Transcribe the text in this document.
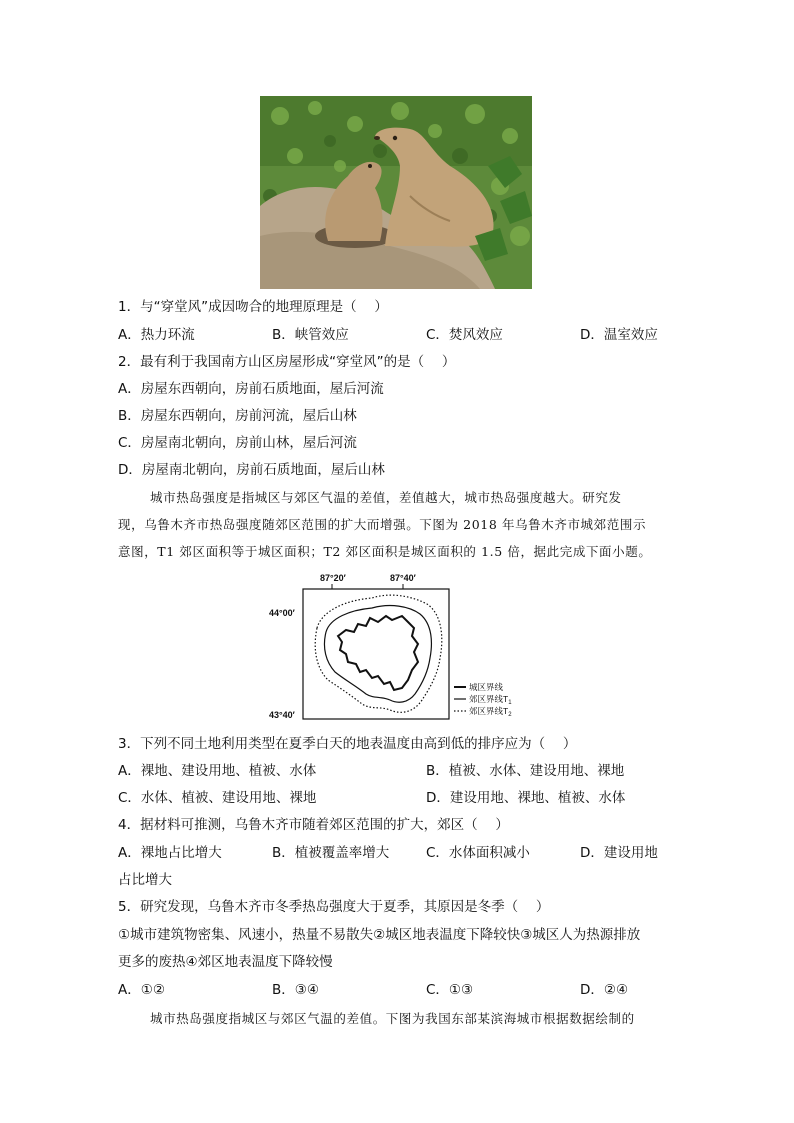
1．与“穿堂风”成因吻合的地理原理是（　 ）
A．热力环流	B．峡管效应	C．焚风效应	D．温室效应
2．最有利于我国南方山区房屋形成“穿堂风”的是（　 ）
A．房屋东西朝向，房前石质地面，屋后河流
B．房屋东西朝向，房前河流，屋后山林
C．房屋南北朝向，房前山林，屋后河流
D．房屋南北朝向，房前石质地面，屋后山林
城市热岛强度是指城区与郊区气温的差值，差值越大，城市热岛强度越大。研究发
现，乌鲁木齐市热岛强度随郊区范围的扩大而增强。下图为 2018 年乌鲁木齐市城郊范围示
意图，T1 郊区面积等于城区面积；T2 郊区面积是城区面积的 1.5 倍，据此完成下面小题。
87°20′	87°40′
44°00′
43°40′
城区界线
郊区界线$T_1$
郊区界线$T_2$
3．下列不同土地利用类型在夏季白天的地表温度由高到低的排序应为（　 ）
A．裸地、建设用地、植被、水体	B．植被、水体、建设用地、裸地
C．水体、植被、建设用地、裸地	D．建设用地、裸地、植被、水体
4．据材料可推测，乌鲁木齐市随着郊区范围的扩大，郊区（　 ）
A．裸地占比增大	B．植被覆盖率增大	C．水体面积减小	D．建设用地
占比增大
5．研究发现，乌鲁木齐市冬季热岛强度大于夏季，其原因是冬季（　 ）
①城市建筑物密集、风速小，热量不易散失②城区地表温度下降较快③城区人为热源排放
更多的废热④郊区地表温度下降较慢
A．①②	B．③④	C．①③	D．②④
城市热岛强度指城区与郊区气温的差值。下图为我国东部某滨海城市根据数据绘制的
